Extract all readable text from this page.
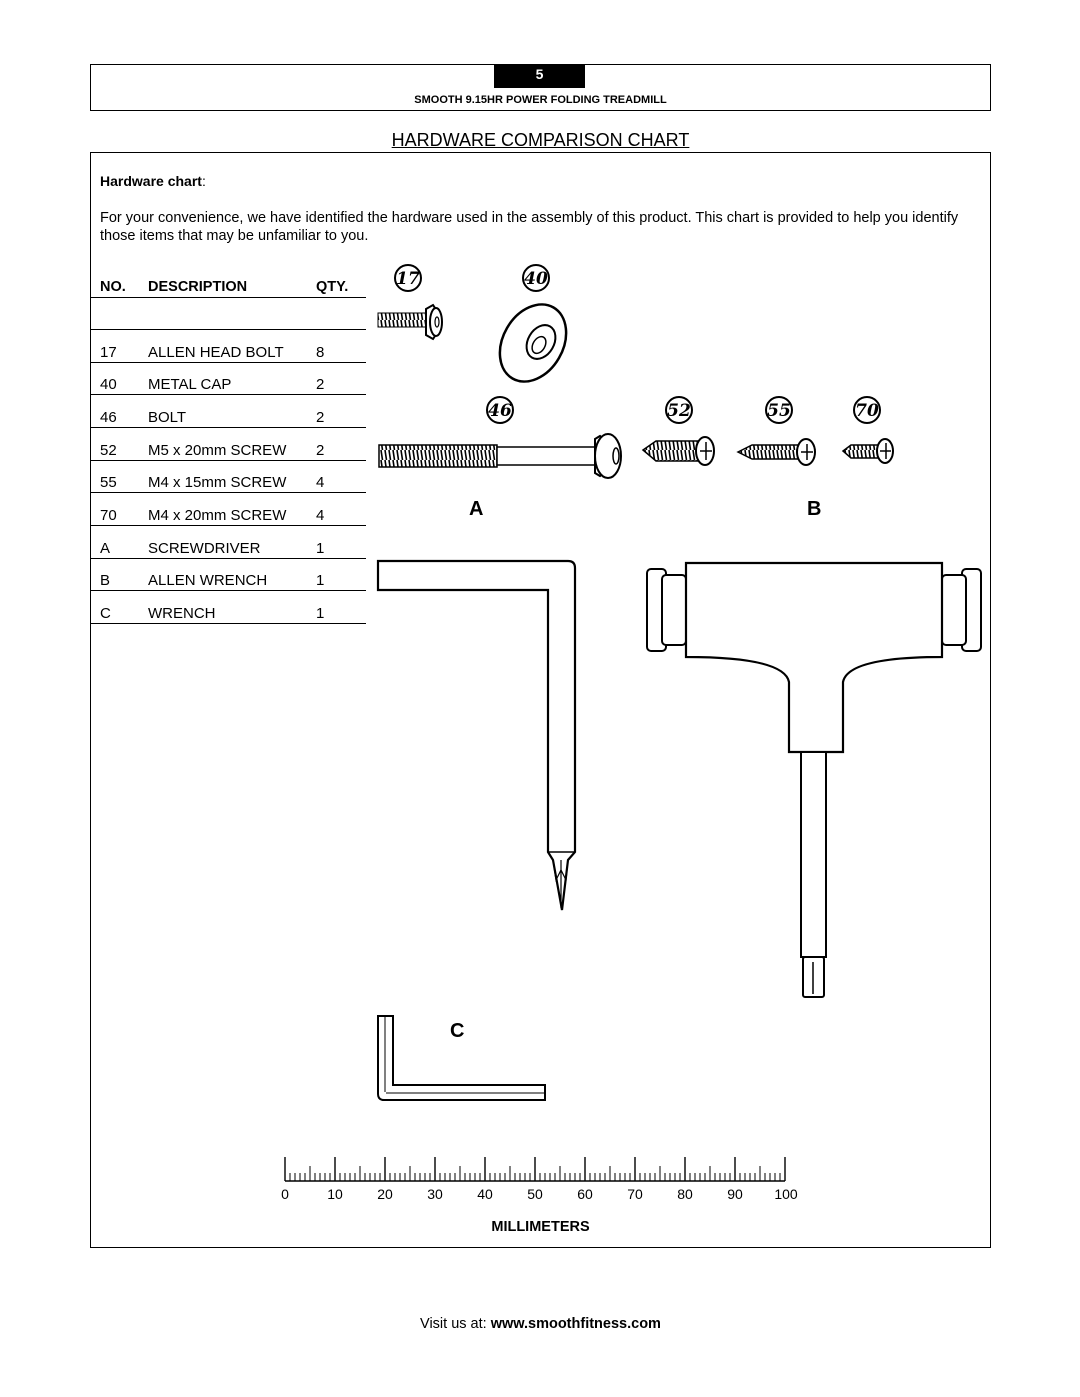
5
SMOOTH 9.15HR POWER FOLDING TREADMILL
HARDWARE COMPARISON CHART
Hardware chart:
For your convenience, we have identified the hardware used in the assembly of this product. This chart is provided to help you identify those items that may be unfamiliar to you.
NO. DESCRIPTION	QTY.
17 ALLEN HEAD BOLT 8
40 METAL CAP	2
46 BOLT	2
52 M5 x 20mm SCREW 2
55 M4 x 15mm SCREW 4
70 M4 x 20mm SCREW 4
A	SCREWDRIVER	1
B	ALLEN WRENCH	1
C WRENCH	1
17	40
46	52	55	70
A	B
C
0	10	20	30	40	50	60	70	80	90	100
MILLIMETERS
Visit us at: www.smoothfitness.com
